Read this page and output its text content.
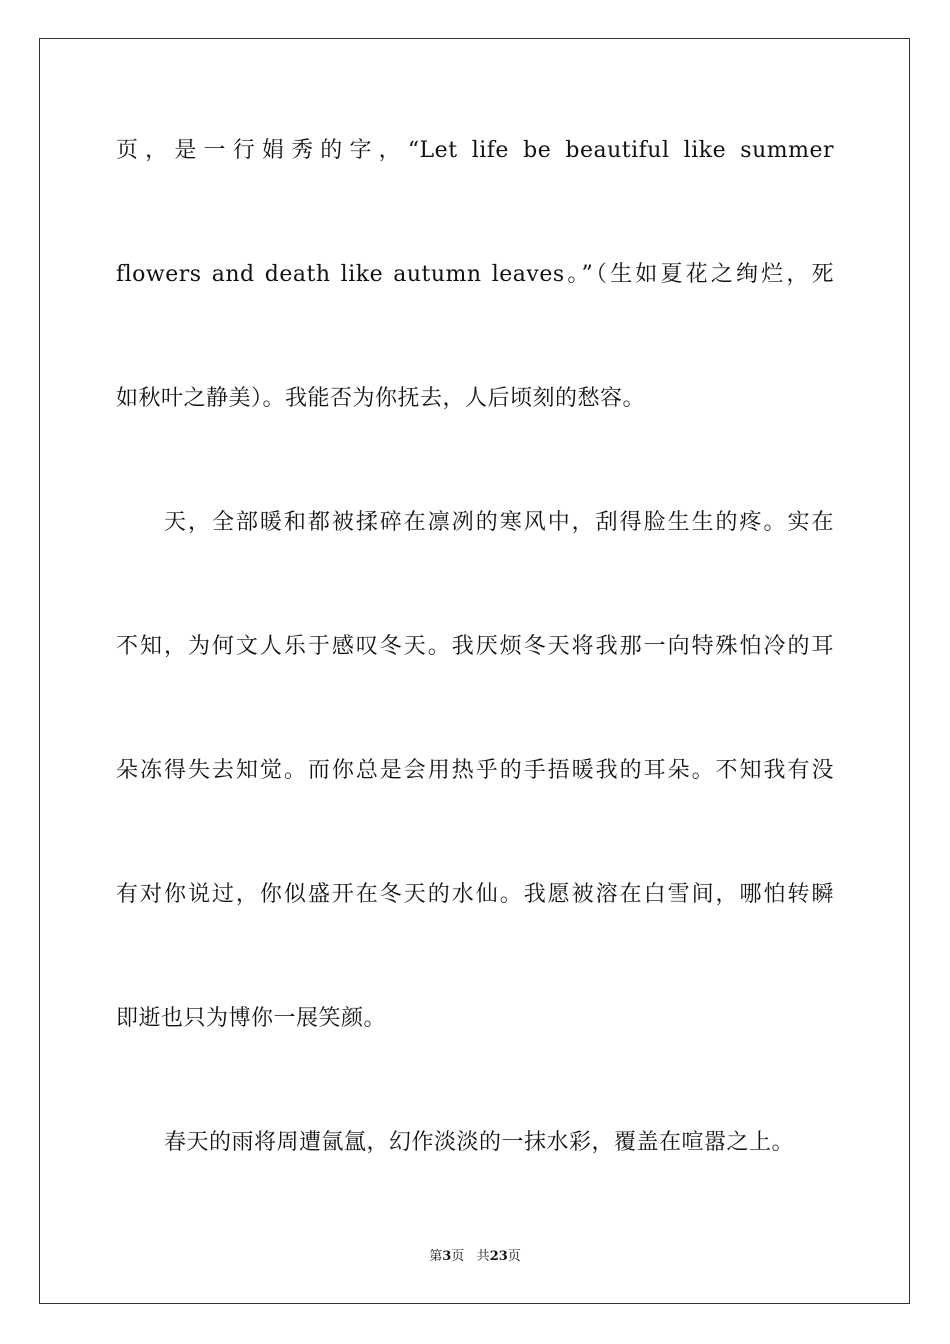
页，是一行娟秀的字，“Let life be beautiful like summer
flowers and death like autumn leaves。”（生如夏花之绚烂，死
如秋叶之静美）。我能否为你抚去，人后顷刻的愁容。
天，全部暖和都被揉碎在凛冽的寒风中，刮得脸生生的疼。实在
不知，为何文人乐于感叹冬天。我厌烦冬天将我那一向特殊怕冷的耳
朵冻得失去知觉。而你总是会用热乎的手捂暖我的耳朵。不知我有没
有对你说过，你似盛开在冬天的水仙。我愿被溶在白雪间，哪怕转瞬
即逝也只为博你一展笑颜。
春天的雨将周遭氤氲，幻作淡淡的一抹水彩，覆盖在喧嚣之上。
第3页 共23页
